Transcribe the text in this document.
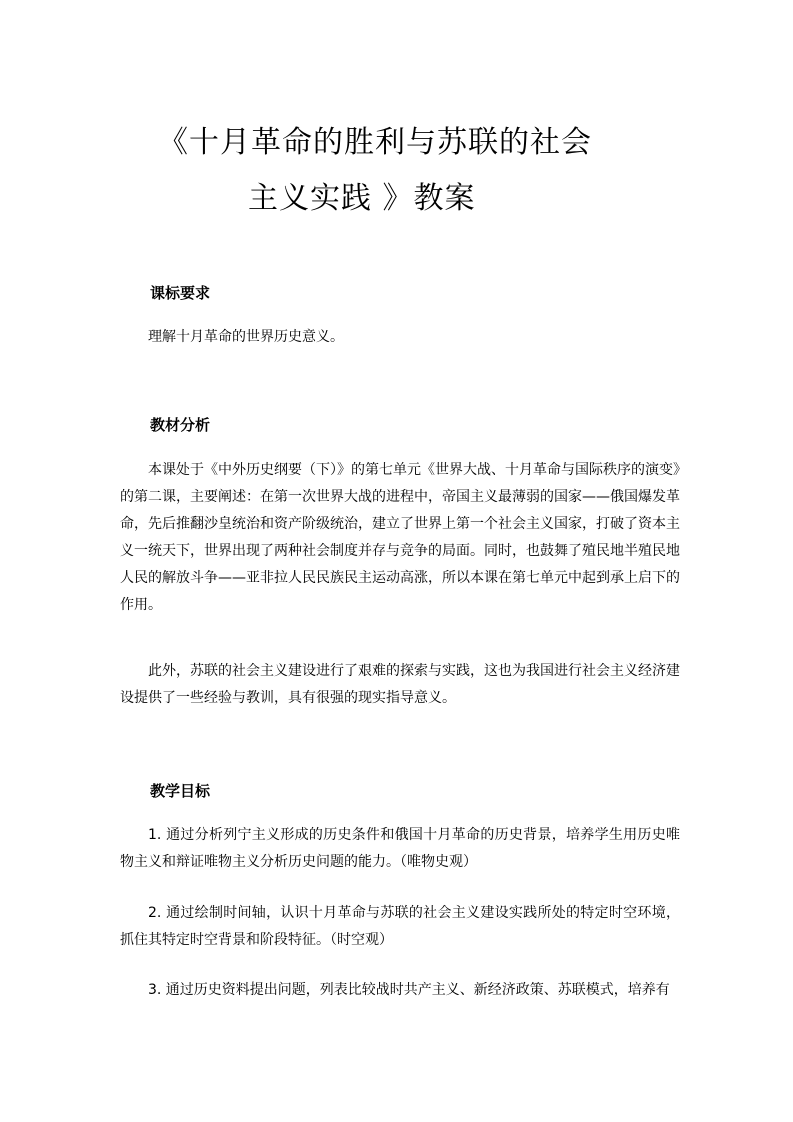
《十月革命的胜利与苏联的社会
主义实践 》教案
课标要求

理解十月革命的世界历史意义。

教材分析

本课处于《中外历史纲要（下）》的第七单元《世界大战、十月革命与国际秩序的演变》的第二课，主要阐述：在第一次世界大战的进程中，帝国主义最薄弱的国家——俄国爆发革命，先后推翻沙皇统治和资产阶级统治，建立了世界上第一个社会主义国家，打破了资本主义一统天下，世界出现了两种社会制度并存与竞争的局面。同时，也鼓舞了殖民地半殖民地人民的解放斗争——亚非拉人民民族民主运动高涨，所以本课在第七单元中起到承上启下的作用。

此外，苏联的社会主义建设进行了艰难的探索与实践，这也为我国进行社会主义经济建设提供了一些经验与教训，具有很强的现实指导意义。

教学目标

1. 通过分析列宁主义形成的历史条件和俄国十月革命的历史背景，培养学生用历史唯物主义和辩证唯物主义分析历史问题的能力。（唯物史观）

2. 通过绘制时间轴，认识十月革命与苏联的社会主义建设实践所处的特定时空环境，抓住其特定时空背景和阶段特征。（时空观）

3. 通过历史资料提出问题，列表比较战时共产主义、新经济政策、苏联模式，培养有
